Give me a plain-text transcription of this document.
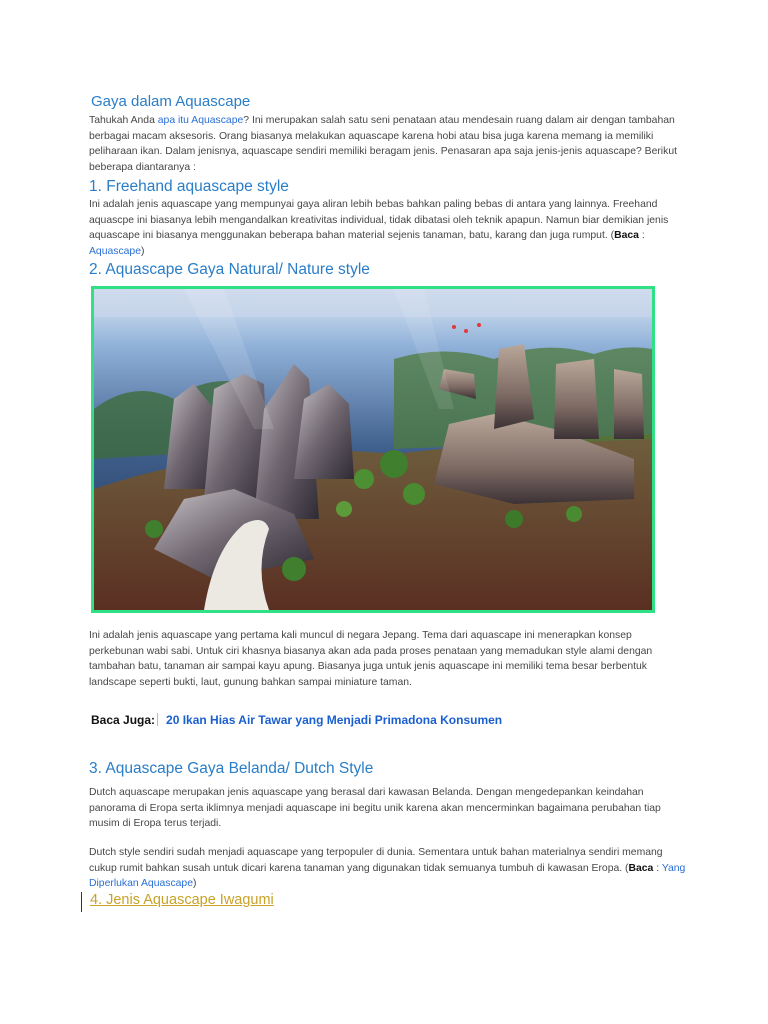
Gaya dalam Aquascape

Tahukah Anda apa itu Aquascape? Ini merupakan salah satu seni penataan atau mendesain ruang dalam air dengan tambahan berbagai macam aksesoris. Orang biasanya melakukan aquascape karena hobi atau bisa juga karena memang ia memiliki peliharaan ikan. Dalam jenisnya, aquascape sendiri memiliki beragam jenis. Penasaran apa saja jenis-jenis aquascape? Berikut beberapa diantaranya :

1. Freehand aquascape style

Ini adalah jenis aquascape yang mempunyai gaya aliran lebih bebas bahkan paling bebas di antara yang lainnya. Freehand aquascpe ini biasanya lebih mengandalkan kreativitas individual, tidak dibatasi oleh teknik apapun. Namun biar demikian jenis aquascape ini biasanya menggunakan beberapa bahan material sejenis tanaman, batu, karang dan juga rumput. (Baca : Aquascape)

2. Aquascape Gaya Natural/ Nature style

Ini adalah jenis aquascape yang pertama kali muncul di negara Jepang. Tema dari aquascape ini menerapkan konsep perkebunan wabi sabi. Untuk ciri khasnya biasanya akan ada pada proses penataan yang memadukan style alami dengan tambahan batu, tanaman air sampai kayu apung. Biasanya juga untuk jenis aquascape ini memiliki tema besar berbentuk landscape seperti bukti, laut, gunung bahkan sampai miniature taman.

Baca Juga: 20 Ikan Hias Air Tawar yang Menjadi Primadona Konsumen
3. Aquascape Gaya Belanda/ Dutch Style

Dutch aquascape merupakan jenis aquascape yang berasal dari kawasan Belanda. Dengan mengedepankan keindahan panorama di Eropa serta iklimnya menjadi aquascape ini begitu unik karena akan mencerminkan bagaimana perubahan tiap musim di Eropa terus terjadi.

Dutch style sendiri sudah menjadi aquascape yang terpopuler di dunia. Sementara untuk bahan materialnya sendiri memang cukup rumit bahkan susah untuk dicari karena tanaman yang digunakan tidak semuanya tumbuh di kawasan Eropa. (Baca : Yang Diperlukan Aquascape)

4. Jenis Aquascape Iwagumi
